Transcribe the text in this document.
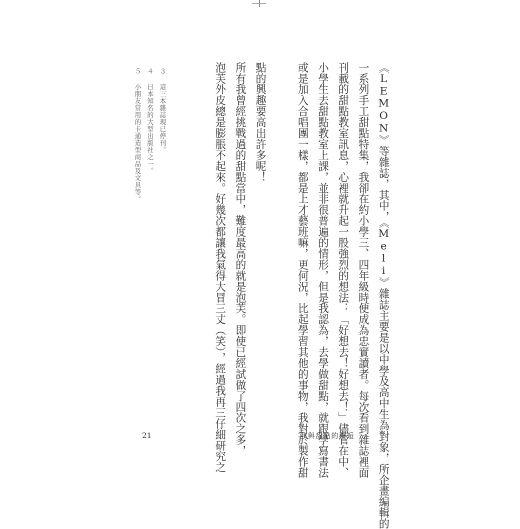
《LEMON》等雜誌，其中，《Meli》雜誌主要是以中學及高中生為對象，所企畫編輯的

一系列手工甜點特集，我卻在約小學三、四年級時便成為忠實讀者。每次看到雜誌裡面

刊載的甜點教室訊息，心裡就升起一股強烈的想法：「好想去！好想去！」儘管在中、

小學生去甜點教室上課，並非很普遍的情形，但是我認為，去學做甜點，就跟學寫書法

或是加入合唱團一樣，都是上才藝班嘛，更何況，比起學習其他的事物，我對於製作甜

點的興趣要高出許多呢！

所有我曾經挑戰過的甜點當中，難度最高的就是泡芙。即使已經試做了四次之多，

泡芙外皮總是膨脹不起來。好幾次都讓我氣得大冒三丈（笑），經過我再三仔細研究之

３ 這三本雜誌現已停刊。
４ 日本知名的大型出版社之一。
５ 小朋友常用的卡通造型商品及文具等。
21	我與甜點的邂逅
